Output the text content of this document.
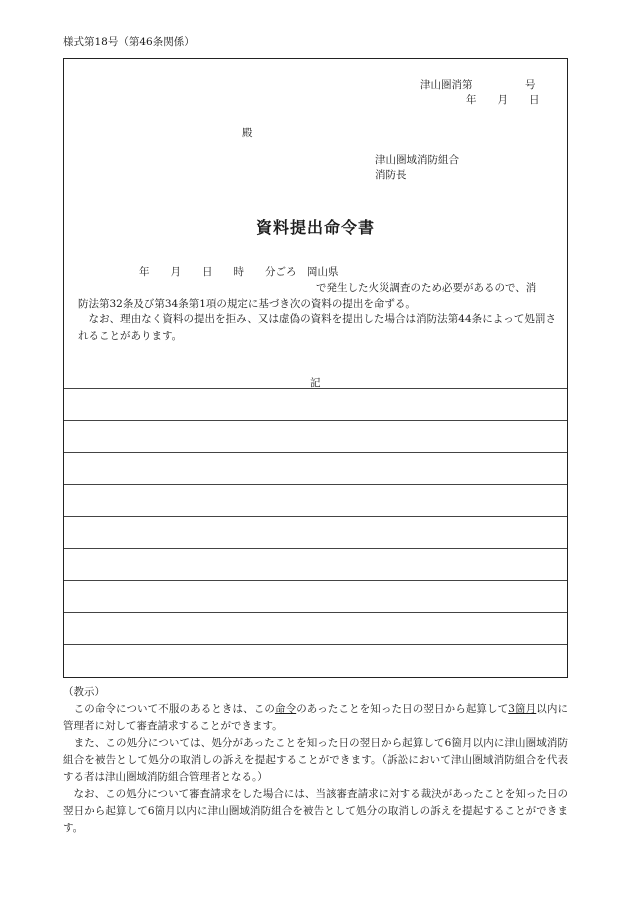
様式第18号（第46条関係）
津山圏消第　　　　　号
年　　月　　日
殿
津山圏域消防組合
消防長
資料提出命令書
年　　月　　日　　時　　分ごろ　岡山県
で発生した火災調査のため必要があるので、消
防法第32条及び第34条第1項の規定に基づき次の資料の提出を命ずる。
　なお、理由なく資料の提出を拒み、又は虚偽の資料を提出した場合は消防法第44条によって処罰されることがあります。
記

（教示）

　この命令について不服のあるときは、この命令のあったことを知った日の翌日から起算して3箇月以内に管理者に対して審査請求することができます。

　また、この処分については、処分があったことを知った日の翌日から起算して6箇月以内に津山圏域消防組合を被告として処分の取消しの訴えを提起することができます。（訴訟において津山圏域消防組合を代表する者は津山圏域消防組合管理者となる。）

　なお、この処分について審査請求をした場合には、当該審査請求に対する裁決があったことを知った日の翌日から起算して6箇月以内に津山圏域消防組合を被告として処分の取消しの訴えを提起することができます。
